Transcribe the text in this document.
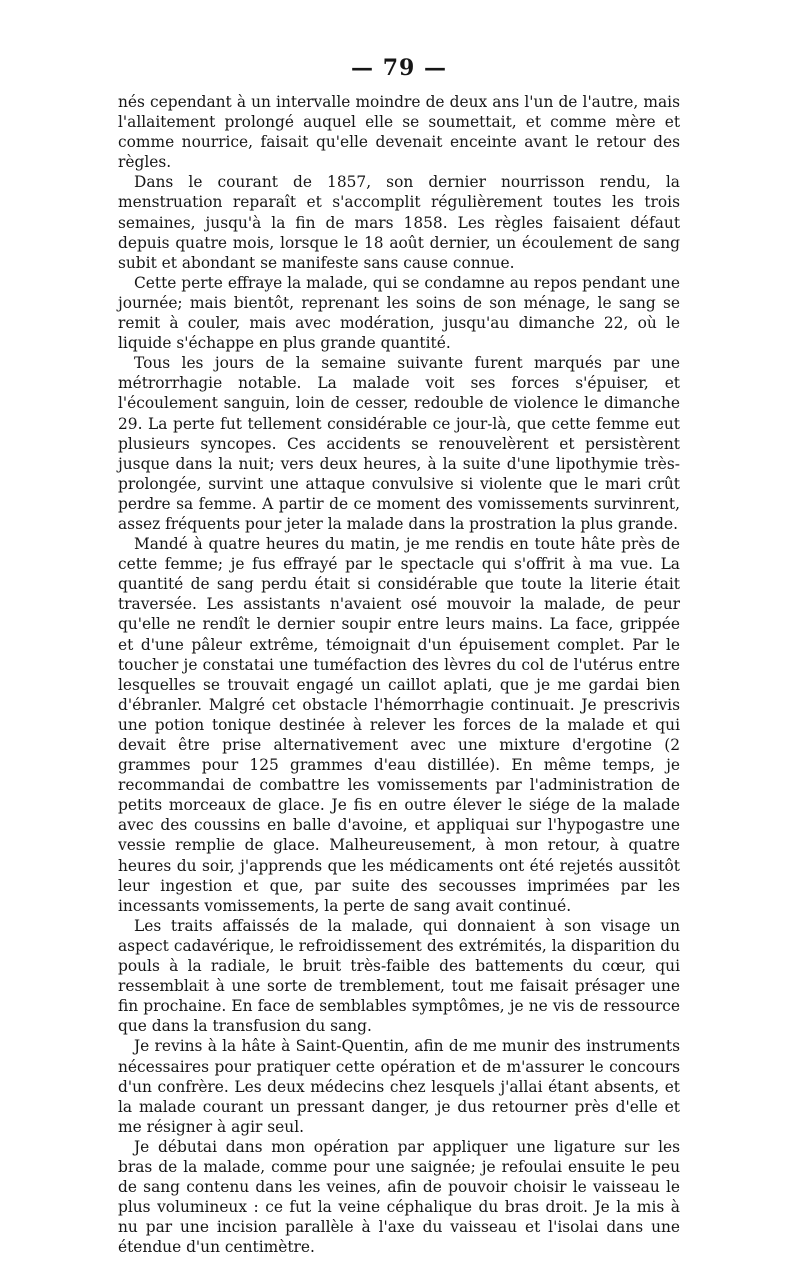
— 79 —

nés cependant à un intervalle moindre de deux ans l'un de l'autre, mais l'allaitement prolongé auquel elle se soumettait, et comme mère et comme nourrice, faisait qu'elle devenait enceinte avant le retour des règles.

Dans le courant de 1857, son dernier nourrisson rendu, la menstruation reparaît et s'accomplit régulièrement toutes les trois semaines, jusqu'à la fin de mars 1858. Les règles faisaient défaut depuis quatre mois, lorsque le 18 août dernier, un écoulement de sang subit et abondant se manifeste sans cause connue.

Cette perte effraye la malade, qui se condamne au repos pendant une journée; mais bientôt, reprenant les soins de son ménage, le sang se remit à couler, mais avec modération, jusqu'au dimanche 22, où le liquide s'échappe en plus grande quantité.

Tous les jours de la semaine suivante furent marqués par une métrorrhagie notable. La malade voit ses forces s'épuiser, et l'écoulement sanguin, loin de cesser, redouble de violence le dimanche 29. La perte fut tellement considérable ce jour-là, que cette femme eut plusieurs syncopes. Ces accidents se renouvelèrent et persistèrent jusque dans la nuit; vers deux heures, à la suite d'une lipothymie très-prolongée, survint une attaque convulsive si violente que le mari crût perdre sa femme. A partir de ce moment des vomissements survinrent, assez fréquents pour jeter la malade dans la prostration la plus grande.

Mandé à quatre heures du matin, je me rendis en toute hâte près de cette femme; je fus effrayé par le spectacle qui s'offrit à ma vue. La quantité de sang perdu était si considérable que toute la literie était traversée. Les assistants n'avaient osé mouvoir la malade, de peur qu'elle ne rendît le dernier soupir entre leurs mains. La face, grippée et d'une pâleur extrême, témoignait d'un épuisement complet. Par le toucher je constatai une tuméfaction des lèvres du col de l'utérus entre lesquelles se trouvait engagé un caillot aplati, que je me gardai bien d'ébranler. Malgré cet obstacle l'hémorrhagie continuait. Je prescrivis une potion tonique destinée à relever les forces de la malade et qui devait être prise alternativement avec une mixture d'ergotine (2 grammes pour 125 grammes d'eau distillée). En même temps, je recommandai de combattre les vomissements par l'administration de petits morceaux de glace. Je fis en outre élever le siége de la malade avec des coussins en balle d'avoine, et appliquai sur l'hypogastre une vessie remplie de glace. Malheureusement, à mon retour, à quatre heures du soir, j'apprends que les médicaments ont été rejetés aussitôt leur ingestion et que, par suite des secousses imprimées par les incessants vomissements, la perte de sang avait continué.

Les traits affaissés de la malade, qui donnaient à son visage un aspect cadavérique, le refroidissement des extrémités, la disparition du pouls à la radiale, le bruit très-faible des battements du cœur, qui ressemblait à une sorte de tremblement, tout me faisait présager une fin prochaine. En face de semblables symptômes, je ne vis de ressource que dans la transfusion du sang.

Je revins à la hâte à Saint-Quentin, afin de me munir des instruments nécessaires pour pratiquer cette opération et de m'assurer le concours d'un confrère. Les deux médecins chez lesquels j'allai étant absents, et la malade courant un pressant danger, je dus retourner près d'elle et me résigner à agir seul.

Je débutai dans mon opération par appliquer une ligature sur les bras de la malade, comme pour une saignée; je refoulai ensuite le peu de sang contenu dans les veines, afin de pouvoir choisir le vaisseau le plus volumineux : ce fut la veine céphalique du bras droit. Je la mis à nu par une incision parallèle à l'axe du vaisseau et l'isolai dans une étendue d'un centimètre.
